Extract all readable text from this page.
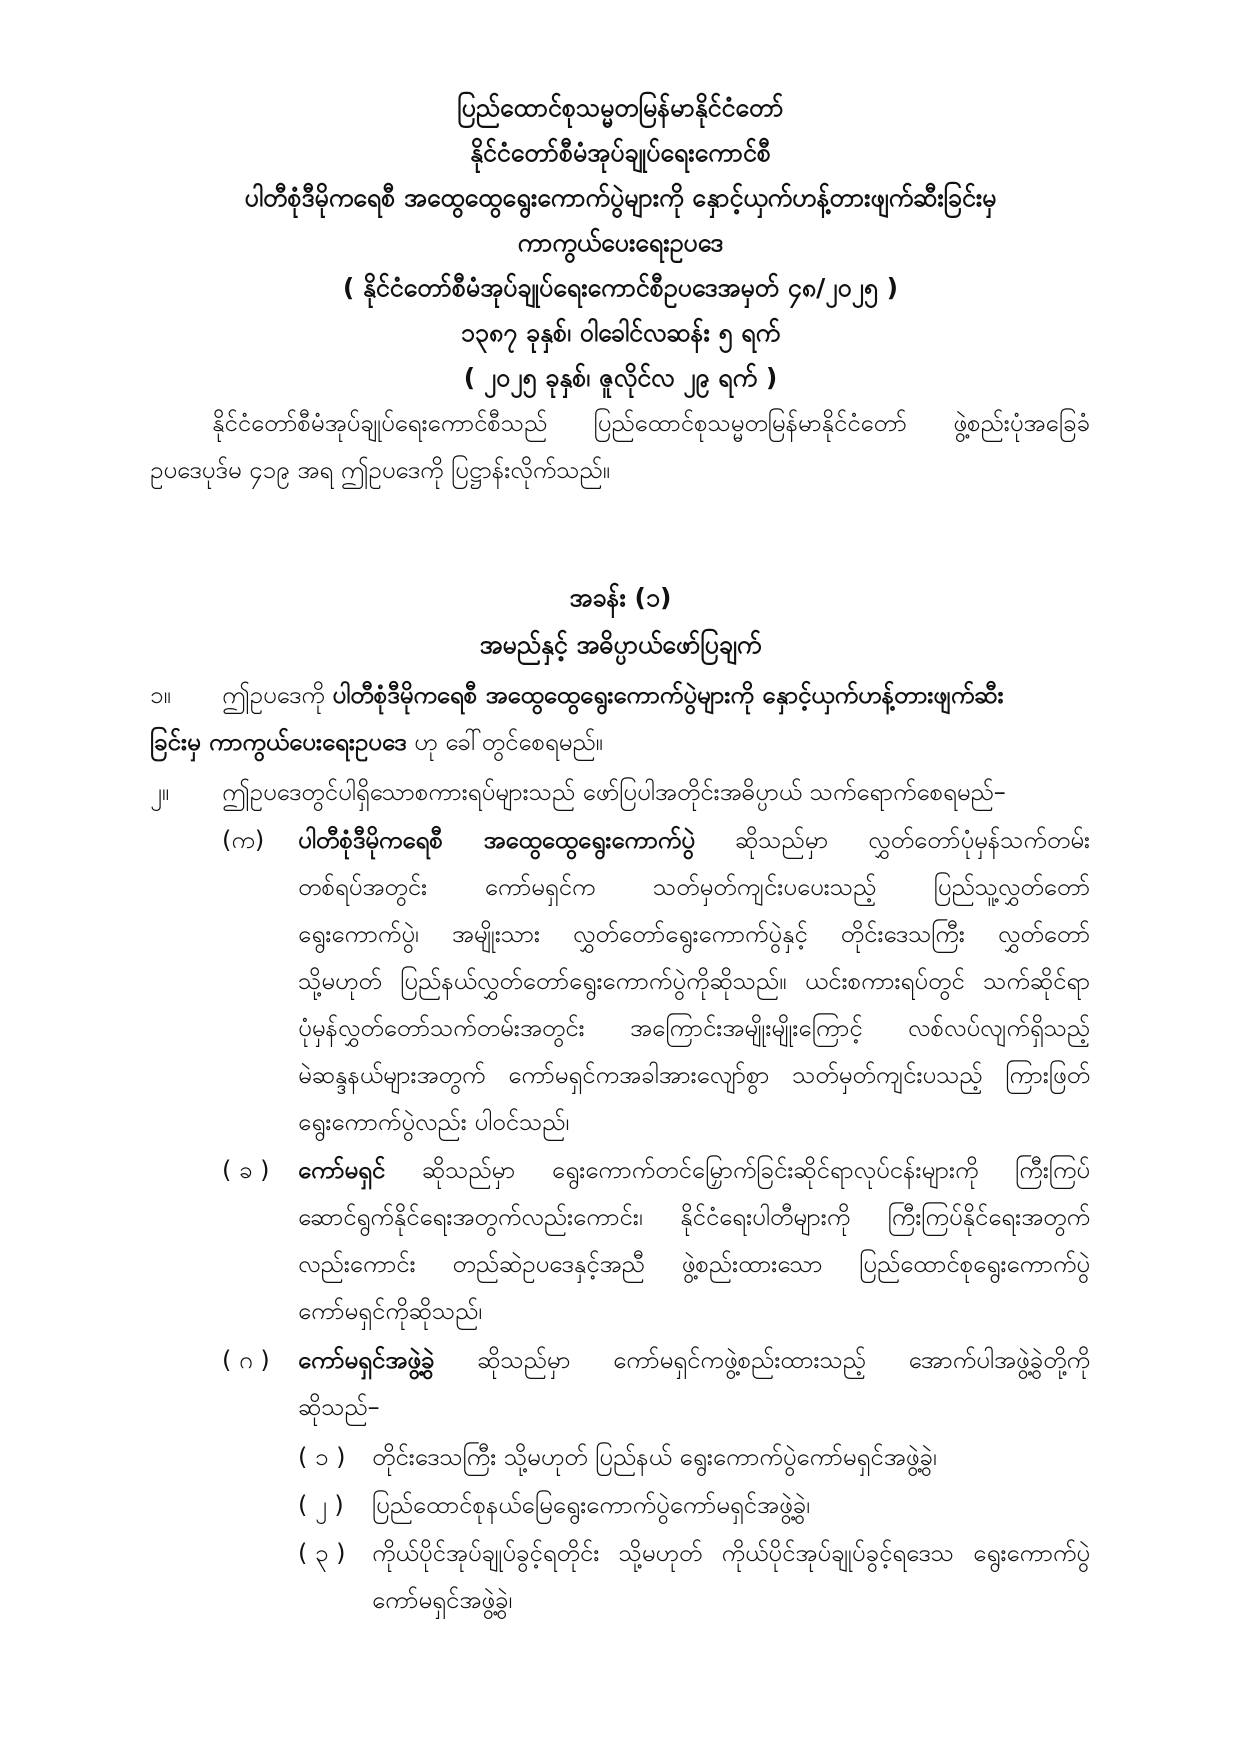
ပြည်ထောင်စုသမ္မတမြန်မာနိုင်ငံတော်
နိုင်ငံတော်စီမံအုပ်ချုပ်ရေးကောင်စီ
ပါတီစုံဒီမိုကရေစီ အထွေထွေရွေးကောက်ပွဲများကို နှောင့်ယှက်ဟန့်တားဖျက်ဆီးခြင်းမှ
ကာကွယ်ပေးရေးဥပဒေ
( နိုင်ငံတော်စီမံအုပ်ချုပ်ရေးကောင်စီဥပဒေအမှတ် ၄၈/၂၀၂၅ )
၁၃၈၇ ခုနှစ်၊ ဝါခေါင်လဆန်း ၅ ရက်
( ၂၀၂၅ ခုနှစ်၊ ဇူလိုင်လ ၂၉ ရက် )
နိုင်ငံတော်စီမံအုပ်ချုပ်ရေးကောင်စီသည် ပြည်ထောင်စုသမ္မတမြန်မာနိုင်ငံတော် ဖွဲ့စည်းပုံအခြေခံ
ဥပဒေပုဒ်မ ၄၁၉ အရ ဤဥပဒေကို ပြဋ္ဌာန်းလိုက်သည်။
အခန်း (၁)
အမည်နှင့် အဓိပ္ပာယ်ဖော်ပြချက်
၁။ ဤဥပဒေကို ပါတီစုံဒီမိုကရေစီ အထွေထွေရွေးကောက်ပွဲများကို နှောင့်ယှက်ဟန့်တားဖျက်ဆီး
ခြင်းမှ ကာကွယ်ပေးရေးဥပဒေ ဟု ခေါ်တွင်စေရမည်။
၂။ ဤဥပဒေတွင်ပါရှိသောစကားရပ်များသည် ဖော်ပြပါအတိုင်းအဓိပ္ပာယ် သက်ရောက်စေရမည်–
(က) ပါတီစုံဒီမိုကရေစီ အထွေထွေရွေးကောက်ပွဲ ဆိုသည်မှာ လွှတ်တော်ပုံမှန်သက်တမ်း
တစ်ရပ်အတွင်း ကော်မရှင်က သတ်မှတ်ကျင်းပပေးသည့် ပြည်သူ့လွှတ်တော်
ရွေးကောက်ပွဲ၊ အမျိုးသား လွှတ်တော်ရွေးကောက်ပွဲနှင့် တိုင်းဒေသကြီး လွှတ်တော်
သို့မဟုတ် ပြည်နယ်လွှတ်တော်ရွေးကောက်ပွဲကိုဆိုသည်။ ယင်းစကားရပ်တွင် သက်ဆိုင်ရာ
ပုံမှန်လွှတ်တော်သက်တမ်းအတွင်း အကြောင်းအမျိုးမျိုးကြောင့် လစ်လပ်လျက်ရှိသည့်
မဲဆန္ဒနယ်များအတွက် ကော်မရှင်ကအခါအားလျော်စွာ သတ်မှတ်ကျင်းပသည့် ကြားဖြတ်
ရွေးကောက်ပွဲလည်း ပါဝင်သည်၊
( ခ ) ကော်မရှင် ဆိုသည်မှာ ရွေးကောက်တင်မြှောက်ခြင်းဆိုင်ရာလုပ်ငန်းများကို ကြီးကြပ်
ဆောင်ရွက်နိုင်ရေးအတွက်လည်းကောင်း၊ နိုင်ငံရေးပါတီများကို ကြီးကြပ်နိုင်ရေးအတွက်
လည်းကောင်း တည်ဆဲဥပဒေနှင့်အညီ ဖွဲ့စည်းထားသော ပြည်ထောင်စုရွေးကောက်ပွဲ
ကော်မရှင်ကိုဆိုသည်၊
( ဂ ) ကော်မရှင်အဖွဲ့ခွဲ ဆိုသည်မှာ ကော်မရှင်ကဖွဲ့စည်းထားသည့် အောက်ပါအဖွဲ့ခွဲတို့ကို
ဆိုသည်–
( ၁ ) တိုင်းဒေသကြီး သို့မဟုတ် ပြည်နယ် ရွေးကောက်ပွဲကော်မရှင်အဖွဲ့ခွဲ၊
( ၂ ) ပြည်ထောင်စုနယ်မြေရွေးကောက်ပွဲကော်မရှင်အဖွဲ့ခွဲ၊
( ၃ ) ကိုယ်ပိုင်အုပ်ချုပ်ခွင့်ရတိုင်း သို့မဟုတ် ကိုယ်ပိုင်အုပ်ချုပ်ခွင့်ရဒေသ ရွေးကောက်ပွဲ
ကော်မရှင်အဖွဲ့ခွဲ၊
